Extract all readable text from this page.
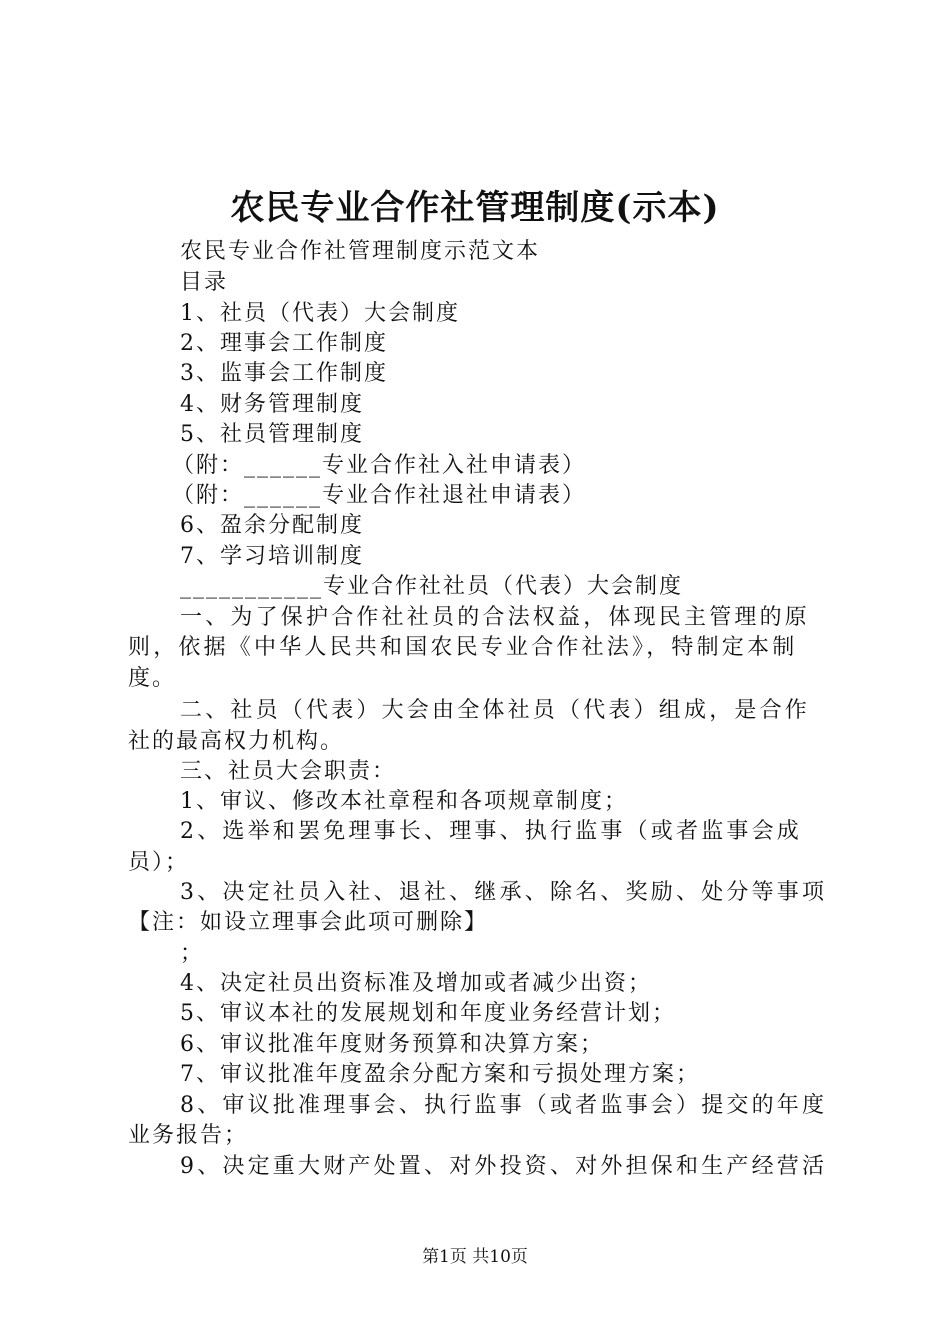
农民专业合作社管理制度(示本)
农民专业合作社管理制度示范文本
目录
1、社员（代表）大会制度
2、理事会工作制度
3、监事会工作制度
4、财务管理制度
5、社员管理制度
（附：______专业合作社入社申请表）
（附：______专业合作社退社申请表）
6、盈余分配制度
7、学习培训制度
___________专业合作社社员（代表）大会制度
一、为了保护合作社社员的合法权益，体现民主管理的原
则，依据《中华人民共和国农民专业合作社法》，特制定本制
度。
二、社员（代表）大会由全体社员（代表）组成，是合作
社的最高权力机构。
三、社员大会职责：
1、审议、修改本社章程和各项规章制度；
2、选举和罢免理事长、理事、执行监事（或者监事会成
员）；
3、决定社员入社、退社、继承、除名、奖励、处分等事项
【注：如设立理事会此项可删除】
；
4、决定社员出资标准及增加或者减少出资；
5、审议本社的发展规划和年度业务经营计划；
6、审议批准年度财务预算和决算方案；
7、审议批准年度盈余分配方案和亏损处理方案；
8、审议批准理事会、执行监事（或者监事会）提交的年度
业务报告；
9、决定重大财产处置、对外投资、对外担保和生产经营活
第1页 共10页
